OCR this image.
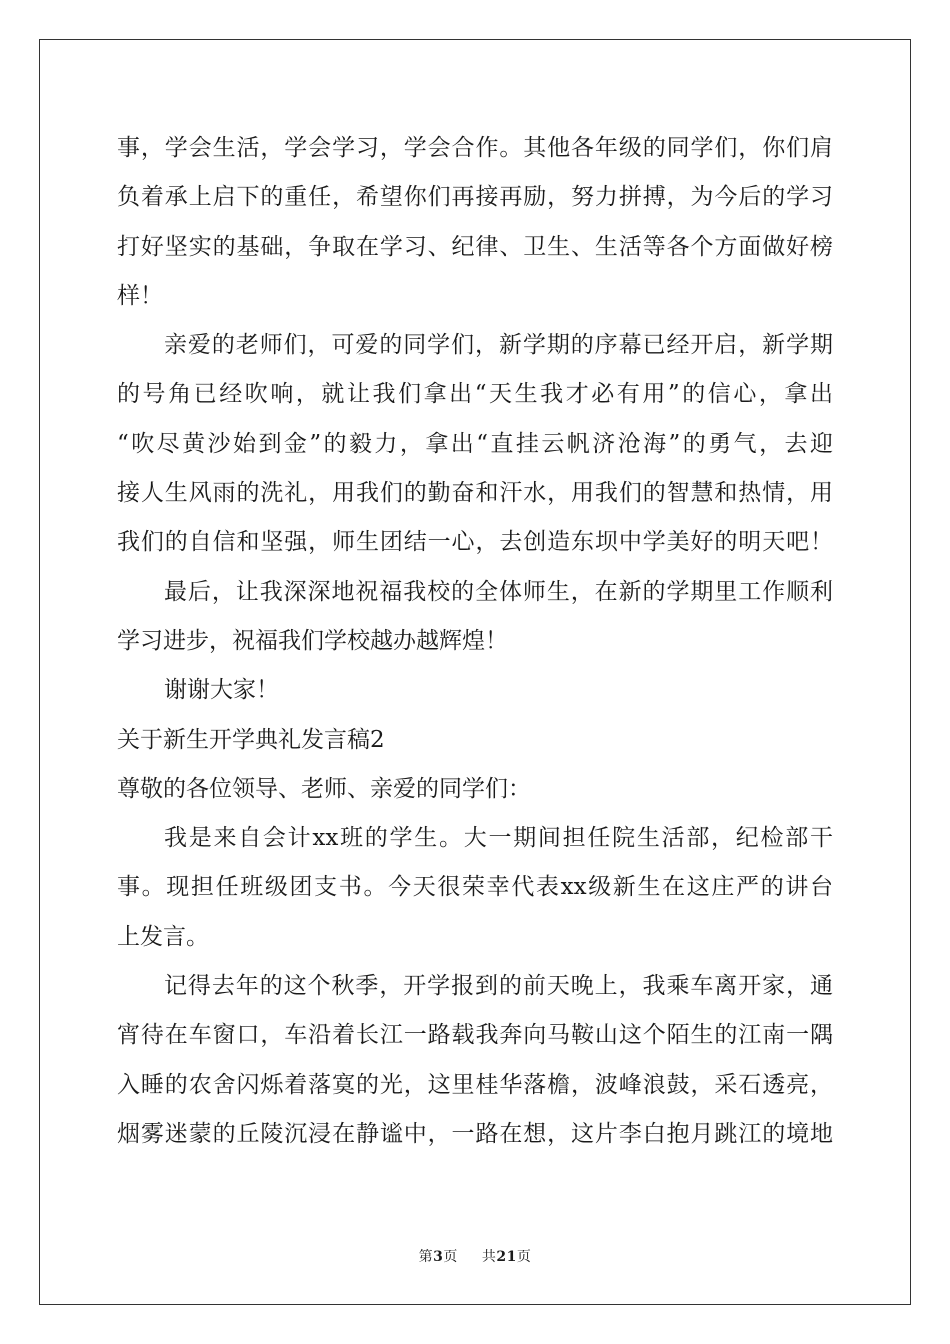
事，学会生活，学会学习，学会合作。其他各年级的同学们，你们肩
负着承上启下的重任，希望你们再接再励，努力拼搏，为今后的学习
打好坚实的基础，争取在学习、纪律、卫生、生活等各个方面做好榜
样！
亲爱的老师们，可爱的同学们，新学期的序幕已经开启，新学期
的号角已经吹响，就让我们拿出“天生我才必有用”的信心，拿出
“吹尽黄沙始到金”的毅力，拿出“直挂云帆济沧海”的勇气，去迎
接人生风雨的洗礼，用我们的勤奋和汗水，用我们的智慧和热情，用
我们的自信和坚强，师生团结一心，去创造东坝中学美好的明天吧！
最后，让我深深地祝福我校的全体师生，在新的学期里工作顺利
学习进步，祝福我们学校越办越辉煌！
谢谢大家！
关于新生开学典礼发言稿2
尊敬的各位领导、老师、亲爱的同学们：
我是来自会计xx班的学生。大一期间担任院生活部，纪检部干
事。现担任班级团支书。今天很荣幸代表xx级新生在这庄严的讲台
上发言。
记得去年的这个秋季，开学报到的前天晚上，我乘车离开家，通
宵待在车窗口，车沿着长江一路载我奔向马鞍山这个陌生的江南一隅
入睡的农舍闪烁着落寞的光，这里桂华落檐，波峰浪鼓，采石透亮，
烟雾迷蒙的丘陵沉浸在静谧中，一路在想，这片李白抱月跳江的境地
第3页 共21页
